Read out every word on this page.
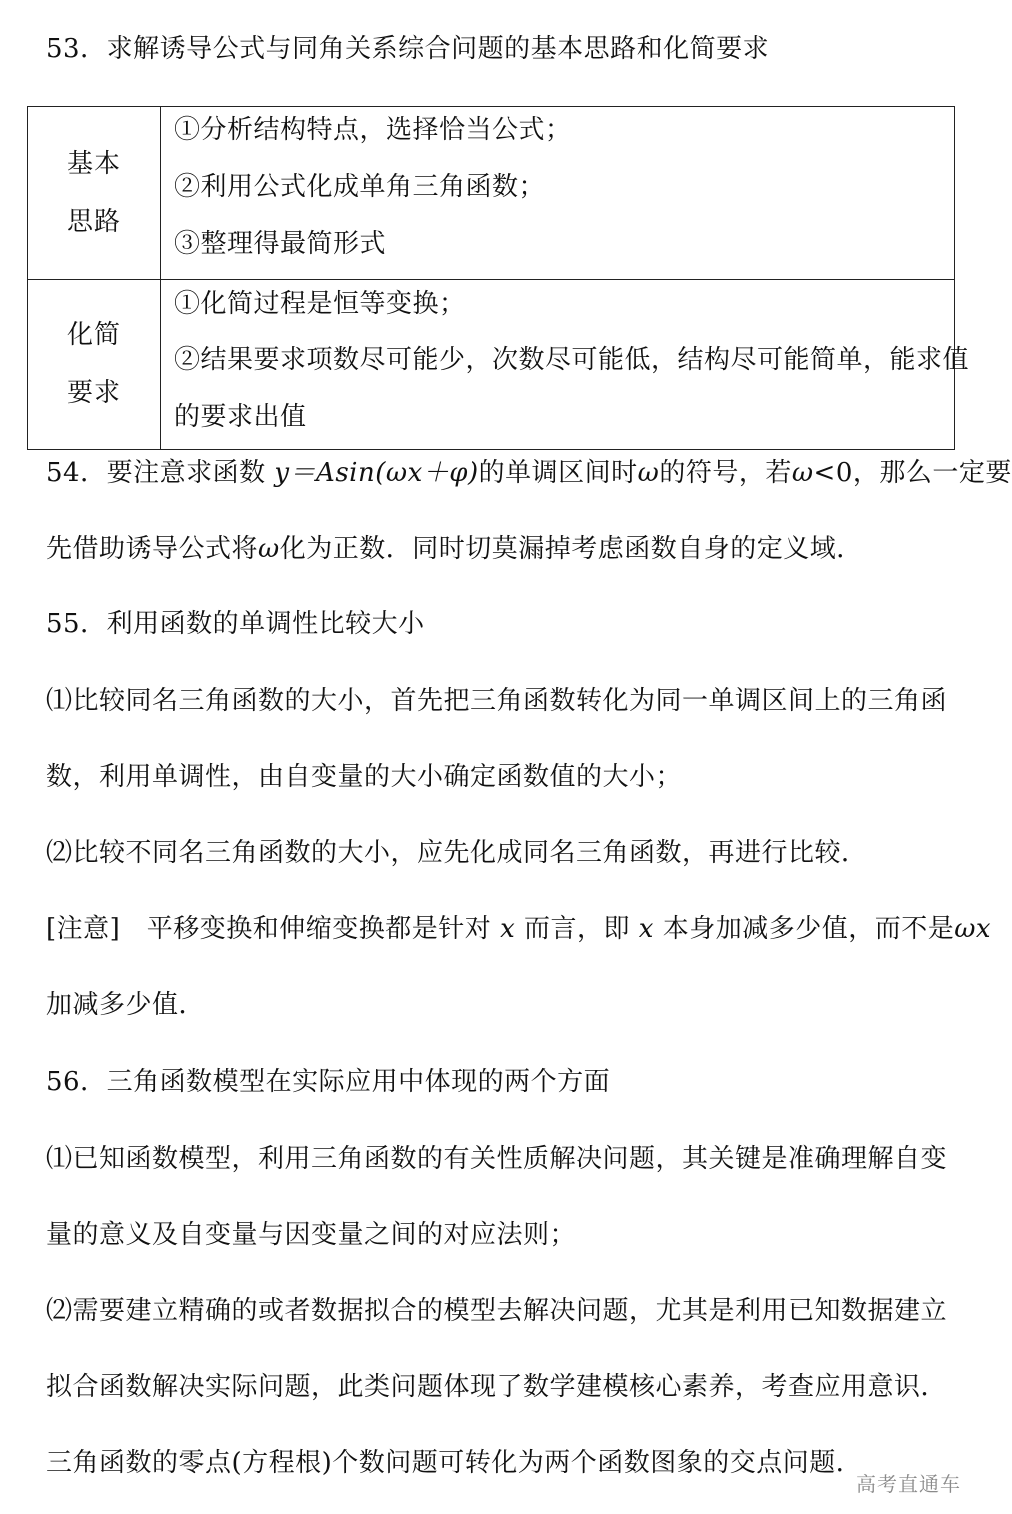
53．求解诱导公式与同角关系综合问题的基本思路和化简要求
基本
思路
①分析结构特点，选择恰当公式；
②利用公式化成单角三角函数；
③整理得最简形式
化简
要求
①化简过程是恒等变换；
②结果要求项数尽可能少，次数尽可能低，结构尽可能简单，能求值
的要求出值
54．要注意求函数 y＝Asin(ωx＋φ)的单调区间时ω的符号，若ω<0，那么一定要
先借助诱导公式将ω化为正数．同时切莫漏掉考虑函数自身的定义域．
55．利用函数的单调性比较大小
⑴比较同名三角函数的大小，首先把三角函数转化为同一单调区间上的三角函
数，利用单调性，由自变量的大小确定函数值的大小；
⑵比较不同名三角函数的大小，应先化成同名三角函数，再进行比较．
[注意]　平移变换和伸缩变换都是针对 x 而言，即 x 本身加减多少值，而不是ωx
加减多少值．
56．三角函数模型在实际应用中体现的两个方面
⑴已知函数模型，利用三角函数的有关性质解决问题，其关键是准确理解自变
量的意义及自变量与因变量之间的对应法则；
⑵需要建立精确的或者数据拟合的模型去解决问题，尤其是利用已知数据建立
拟合函数解决实际问题，此类问题体现了数学建模核心素养，考查应用意识．
三角函数的零点(方程根)个数问题可转化为两个函数图象的交点问题．
高考直通车
